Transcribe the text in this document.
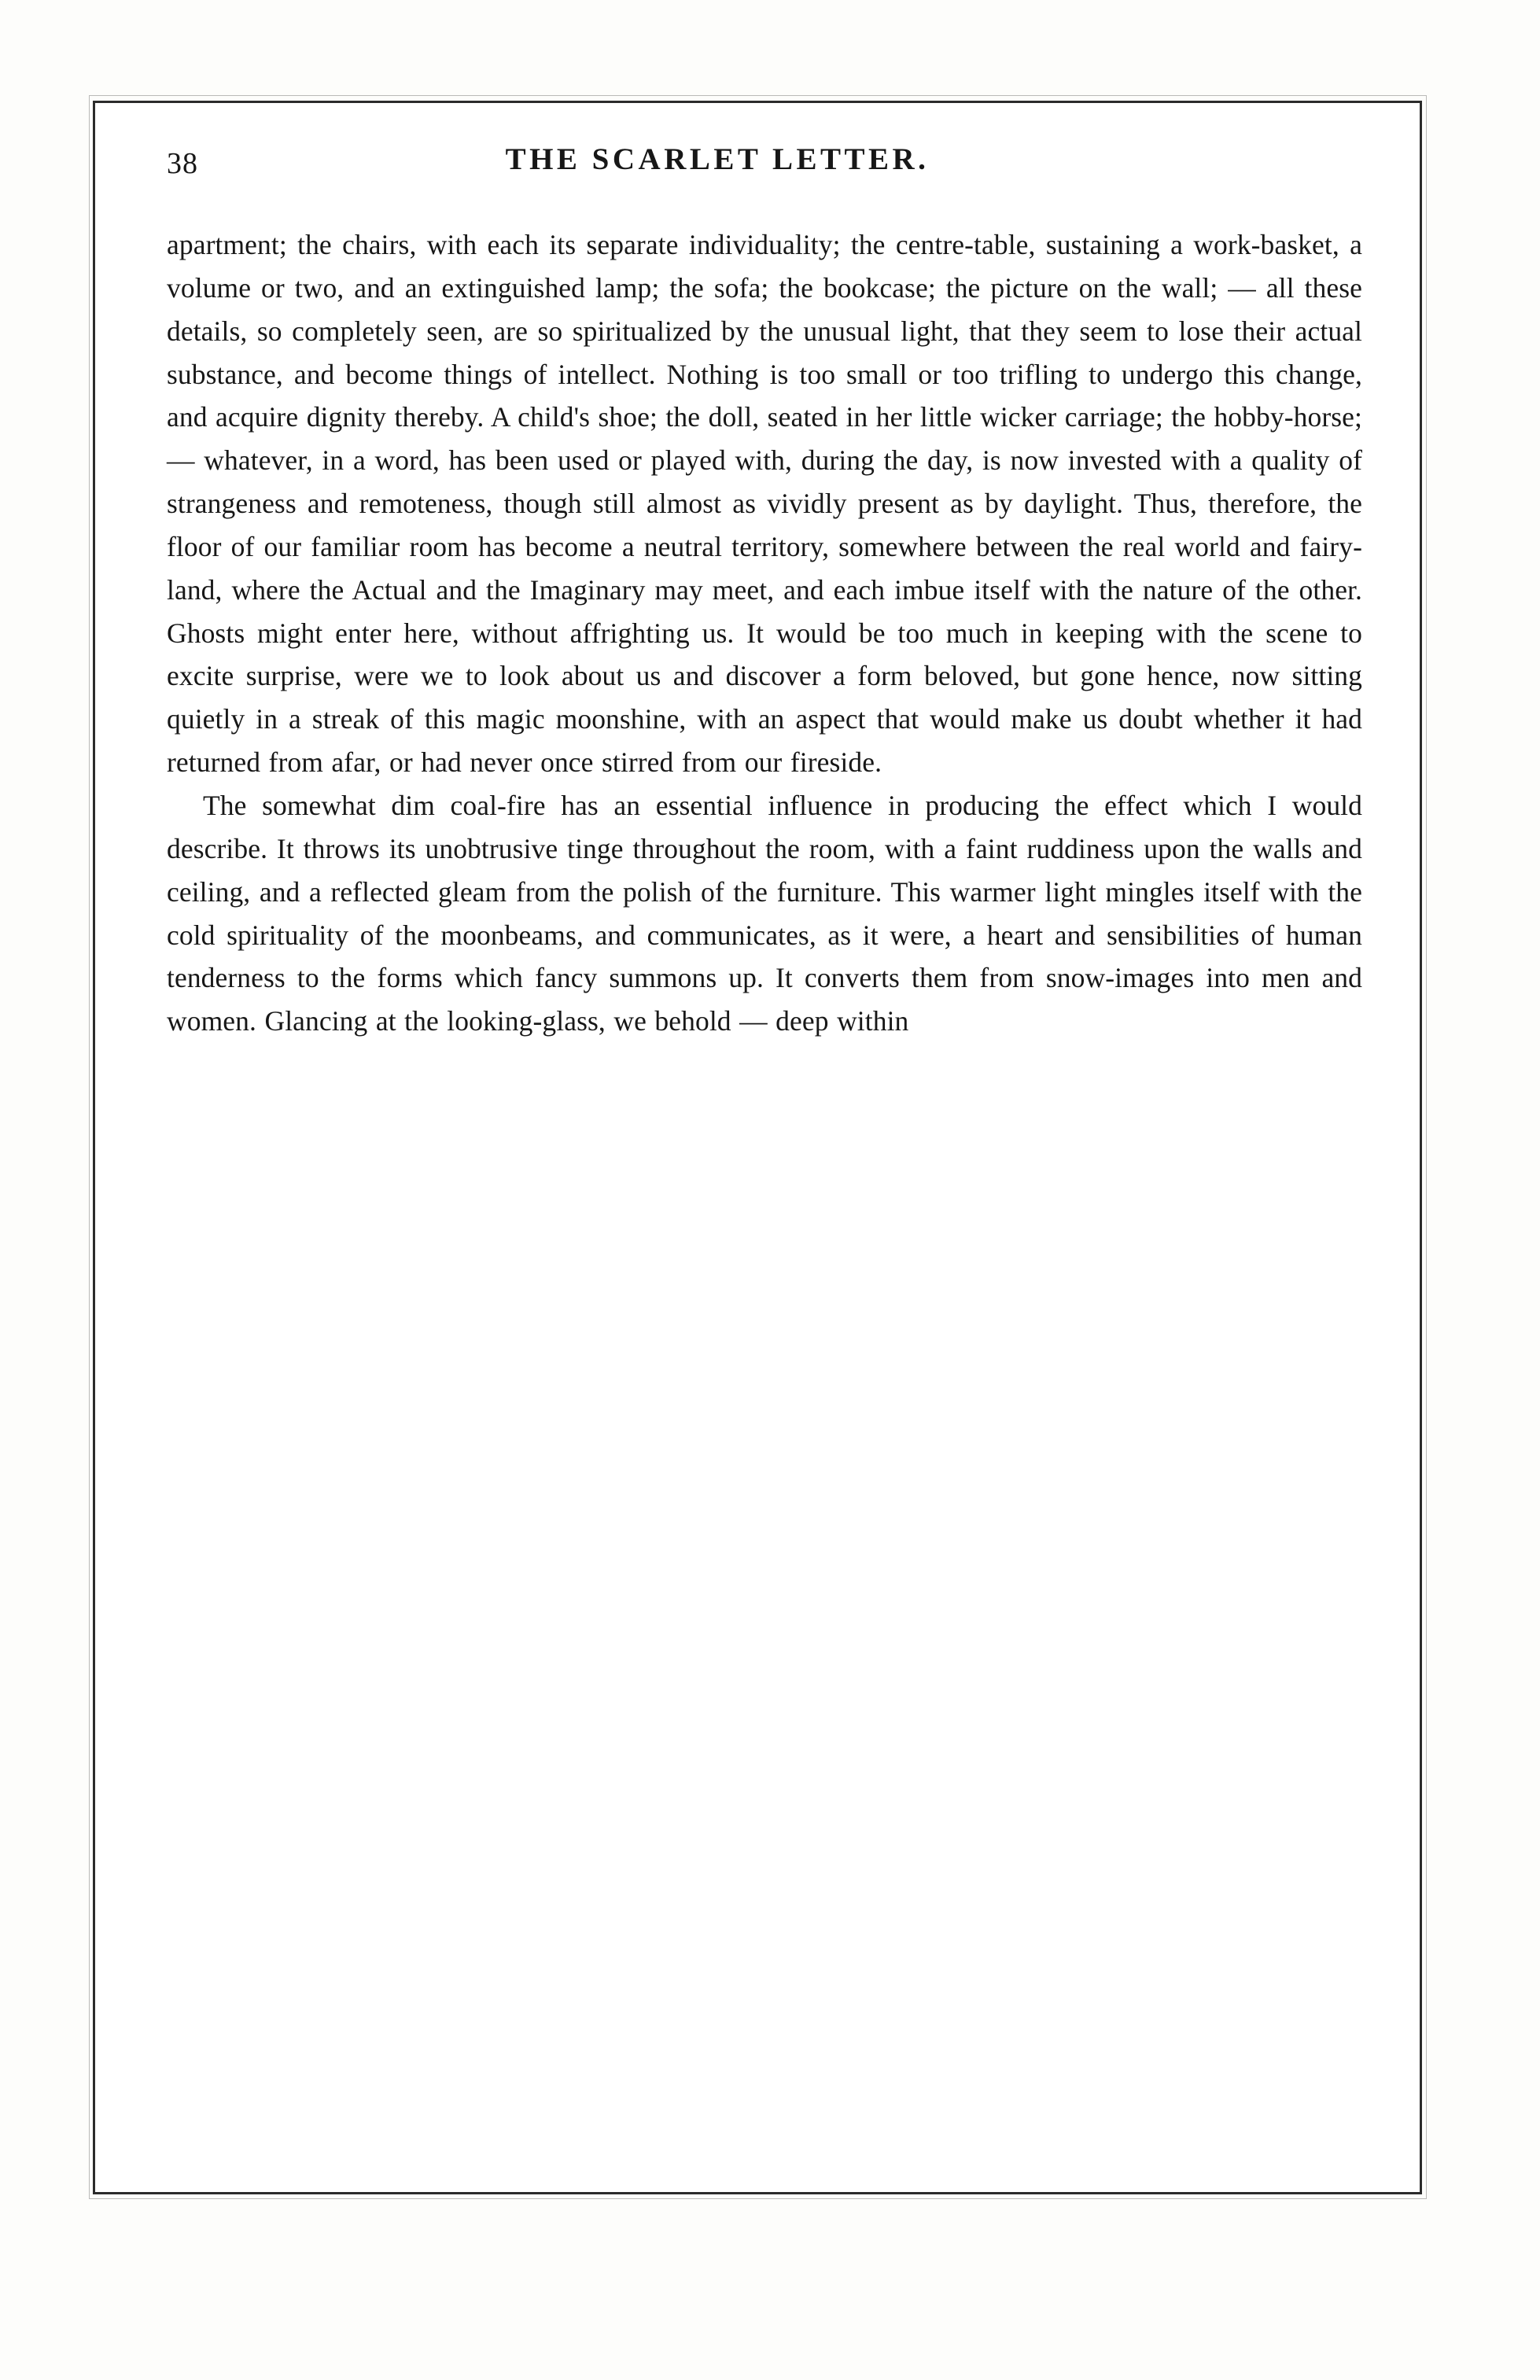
38	THE SCARLET LETTER.

apartment; the chairs, with each its separate individuality; the centre-table, sustaining a work-basket, a volume or two, and an extinguished lamp; the sofa; the bookcase; the picture on the wall; — all these details, so completely seen, are so spiritualized by the unusual light, that they seem to lose their actual substance, and become things of intellect. Nothing is too small or too trifling to undergo this change, and acquire dignity thereby. A child's shoe; the doll, seated in her little wicker carriage; the hobby-horse; — whatever, in a word, has been used or played with, during the day, is now invested with a quality of strangeness and remoteness, though still almost as vividly present as by daylight. Thus, therefore, the floor of our familiar room has become a neutral territory, somewhere between the real world and fairy-land, where the Actual and the Imaginary may meet, and each imbue itself with the nature of the other. Ghosts might enter here, without affrighting us. It would be too much in keeping with the scene to excite surprise, were we to look about us and discover a form beloved, but gone hence, now sitting quietly in a streak of this magic moonshine, with an aspect that would make us doubt whether it had returned from afar, or had never once stirred from our fireside.

The somewhat dim coal-fire has an essential influence in producing the effect which I would describe. It throws its unobtrusive tinge throughout the room, with a faint ruddiness upon the walls and ceiling, and a reflected gleam from the polish of the furniture. This warmer light mingles itself with the cold spirituality of the moonbeams, and communicates, as it were, a heart and sensibilities of human tenderness to the forms which fancy summons up. It converts them from snow-images into men and women. Glancing at the looking-glass, we behold — deep within
